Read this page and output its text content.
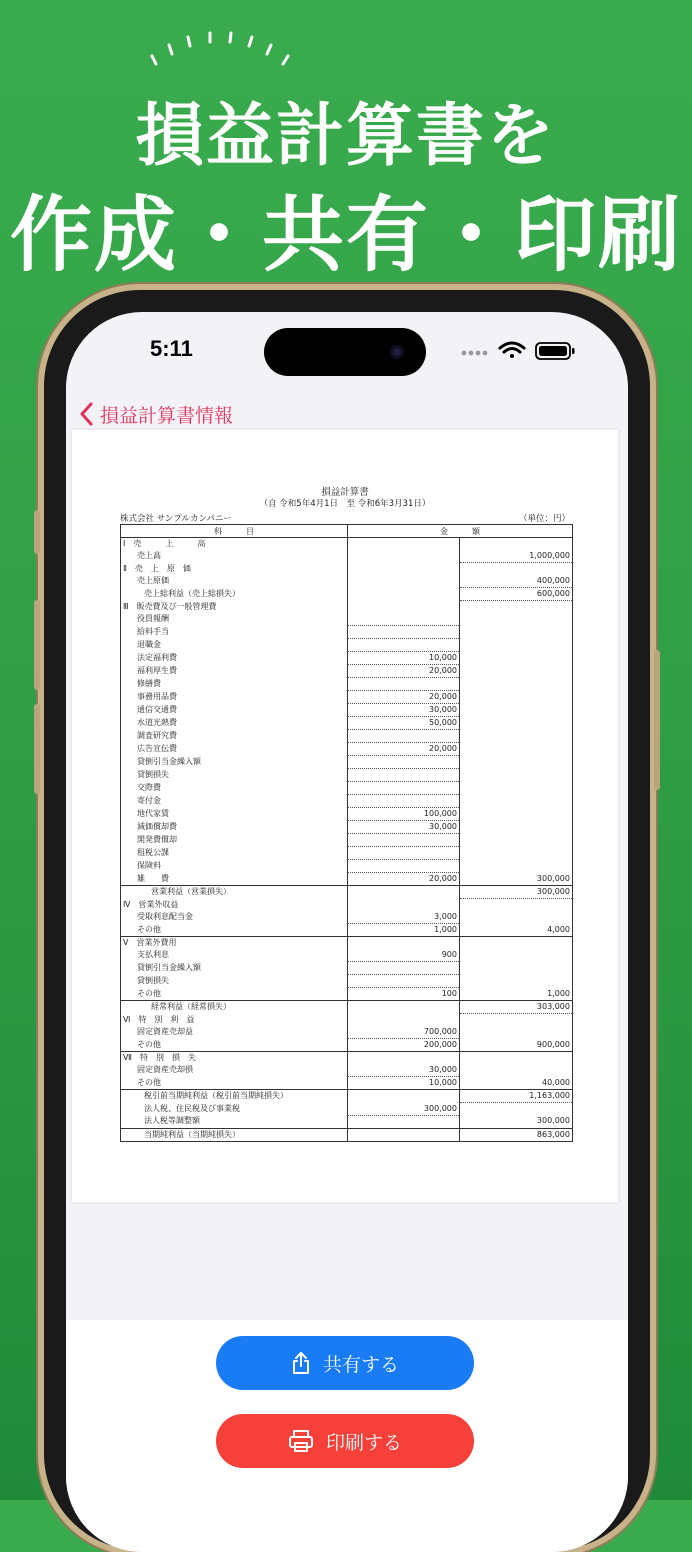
損益計算書を
作成・共有・印刷
5:11
損益計算書情報
損益計算書
（自 令和5年4月1日　至 令和6年3月31日）
株式会社 サンプルカンパニー	（単位：円）
科　　　目	金　　　額	
Ⅰ　売　　　上　　　高		
売上高		1,000,000
Ⅱ　売　上　原　価		
売上原価		400,000
売上総利益（売上総損失）		600,000
Ⅲ　販売費及び一般管理費		
役員報酬		
給料手当		
退職金		
法定福利費	10,000	
福利厚生費	20,000	
修繕費		
事務用品費	20,000	
通信交通費	30,000	
水道光熱費	50,000	
調査研究費		
広告宣伝費	20,000	
貸倒引当金繰入額		
貸倒損失		
交際費		
寄付金		
地代家賃	100,000	
減価償却費	30,000	
開発費償却		
租税公課		
保険料		
雑　　費	20,000	300,000
営業利益（営業損失）		300,000
Ⅳ　営業外収益		
受取利息配当金	3,000	
その他	1,000	4,000
Ⅴ　営業外費用		
支払利息	900	
貸倒引当金繰入額		
貸倒損失		
その他	100	1,000
経常利益（経常損失）		303,000
Ⅵ　特　別　利　益		
固定資産売却益	700,000	
その他	200,000	900,000
Ⅶ　特　別　損　失		
固定資産売却損	30,000	
その他	10,000	40,000
税引前当期純利益（税引前当期純損失）		1,163,000
法人税、住民税及び事業税	300,000	
法人税等調整額		300,000
当期純利益（当期純損失）		863,000
共有する
印刷する
